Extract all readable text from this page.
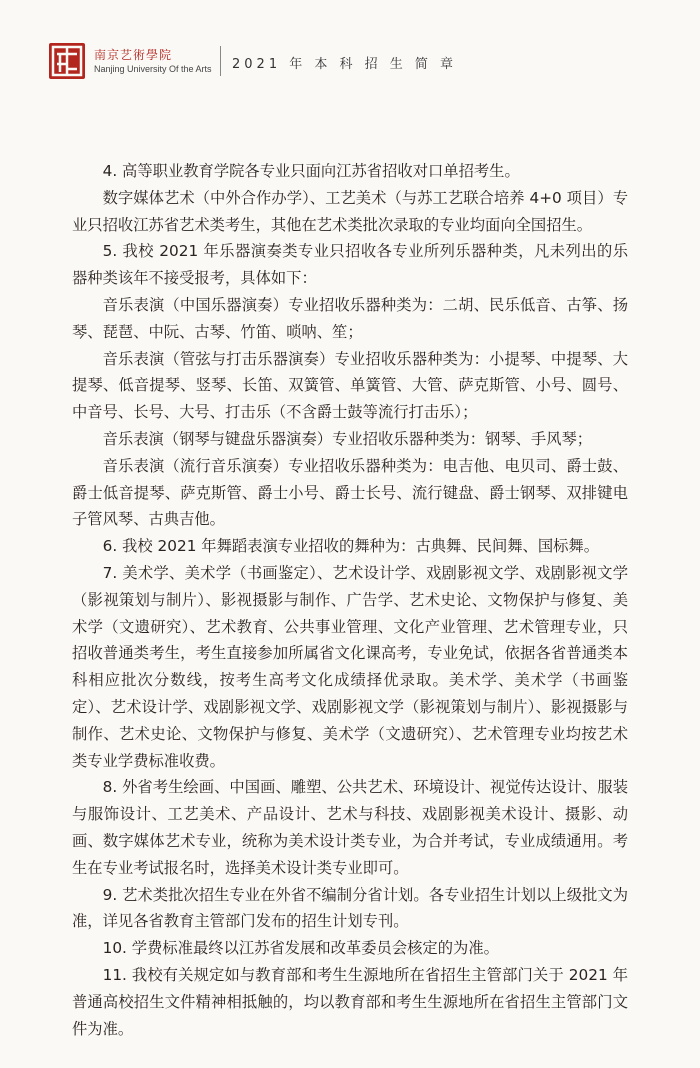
南京艺術學院
Nanjing University Of the Arts 2021 年 本 科 招 生 简 章

4. 高等职业教育学院各专业只面向江苏省招收对口单招考生。

数字媒体艺术（中外合作办学）、工艺美术（与苏工艺联合培养 4+0 项目）专业只招收江苏省艺术类考生，其他在艺术类批次录取的专业均面向全国招生。

5. 我校 2021 年乐器演奏类专业只招收各专业所列乐器种类，凡未列出的乐器种类该年不接受报考，具体如下：

音乐表演（中国乐器演奏）专业招收乐器种类为：二胡、民乐低音、古筝、扬琴、琵琶、中阮、古琴、竹笛、唢呐、笙；

音乐表演（管弦与打击乐器演奏）专业招收乐器种类为：小提琴、中提琴、大提琴、低音提琴、竖琴、长笛、双簧管、单簧管、大管、萨克斯管、小号、圆号、中音号、长号、大号、打击乐（不含爵士鼓等流行打击乐）；

音乐表演（钢琴与键盘乐器演奏）专业招收乐器种类为：钢琴、手风琴；

音乐表演（流行音乐演奏）专业招收乐器种类为：电吉他、电贝司、爵士鼓、爵士低音提琴、萨克斯管、爵士小号、爵士长号、流行键盘、爵士钢琴、双排键电子管风琴、古典吉他。

6. 我校 2021 年舞蹈表演专业招收的舞种为：古典舞、民间舞、国标舞。

7. 美术学、美术学（书画鉴定）、艺术设计学、戏剧影视文学、戏剧影视文学（影视策划与制片）、影视摄影与制作、广告学、艺术史论、文物保护与修复、美术学（文遗研究）、艺术教育、公共事业管理、文化产业管理、艺术管理专业，只招收普通类考生，考生直接参加所属省文化课高考，专业免试，依据各省普通类本科相应批次分数线，按考生高考文化成绩择优录取。美术学、美术学（书画鉴定）、艺术设计学、戏剧影视文学、戏剧影视文学（影视策划与制片）、影视摄影与制作、艺术史论、文物保护与修复、美术学（文遗研究）、艺术管理专业均按艺术类专业学费标准收费。

8. 外省考生绘画、中国画、雕塑、公共艺术、环境设计、视觉传达设计、服装与服饰设计、工艺美术、产品设计、艺术与科技、戏剧影视美术设计、摄影、动画、数字媒体艺术专业，统称为美术设计类专业，为合并考试，专业成绩通用。考生在专业考试报名时，选择美术设计类专业即可。

9. 艺术类批次招生专业在外省不编制分省计划。各专业招生计划以上级批文为准，详见各省教育主管部门发布的招生计划专刊。

10. 学费标准最终以江苏省发展和改革委员会核定的为准。

11. 我校有关规定如与教育部和考生生源地所在省招生主管部门关于 2021 年普通高校招生文件精神相抵触的，均以教育部和考生生源地所在省招生主管部门文件为准。
